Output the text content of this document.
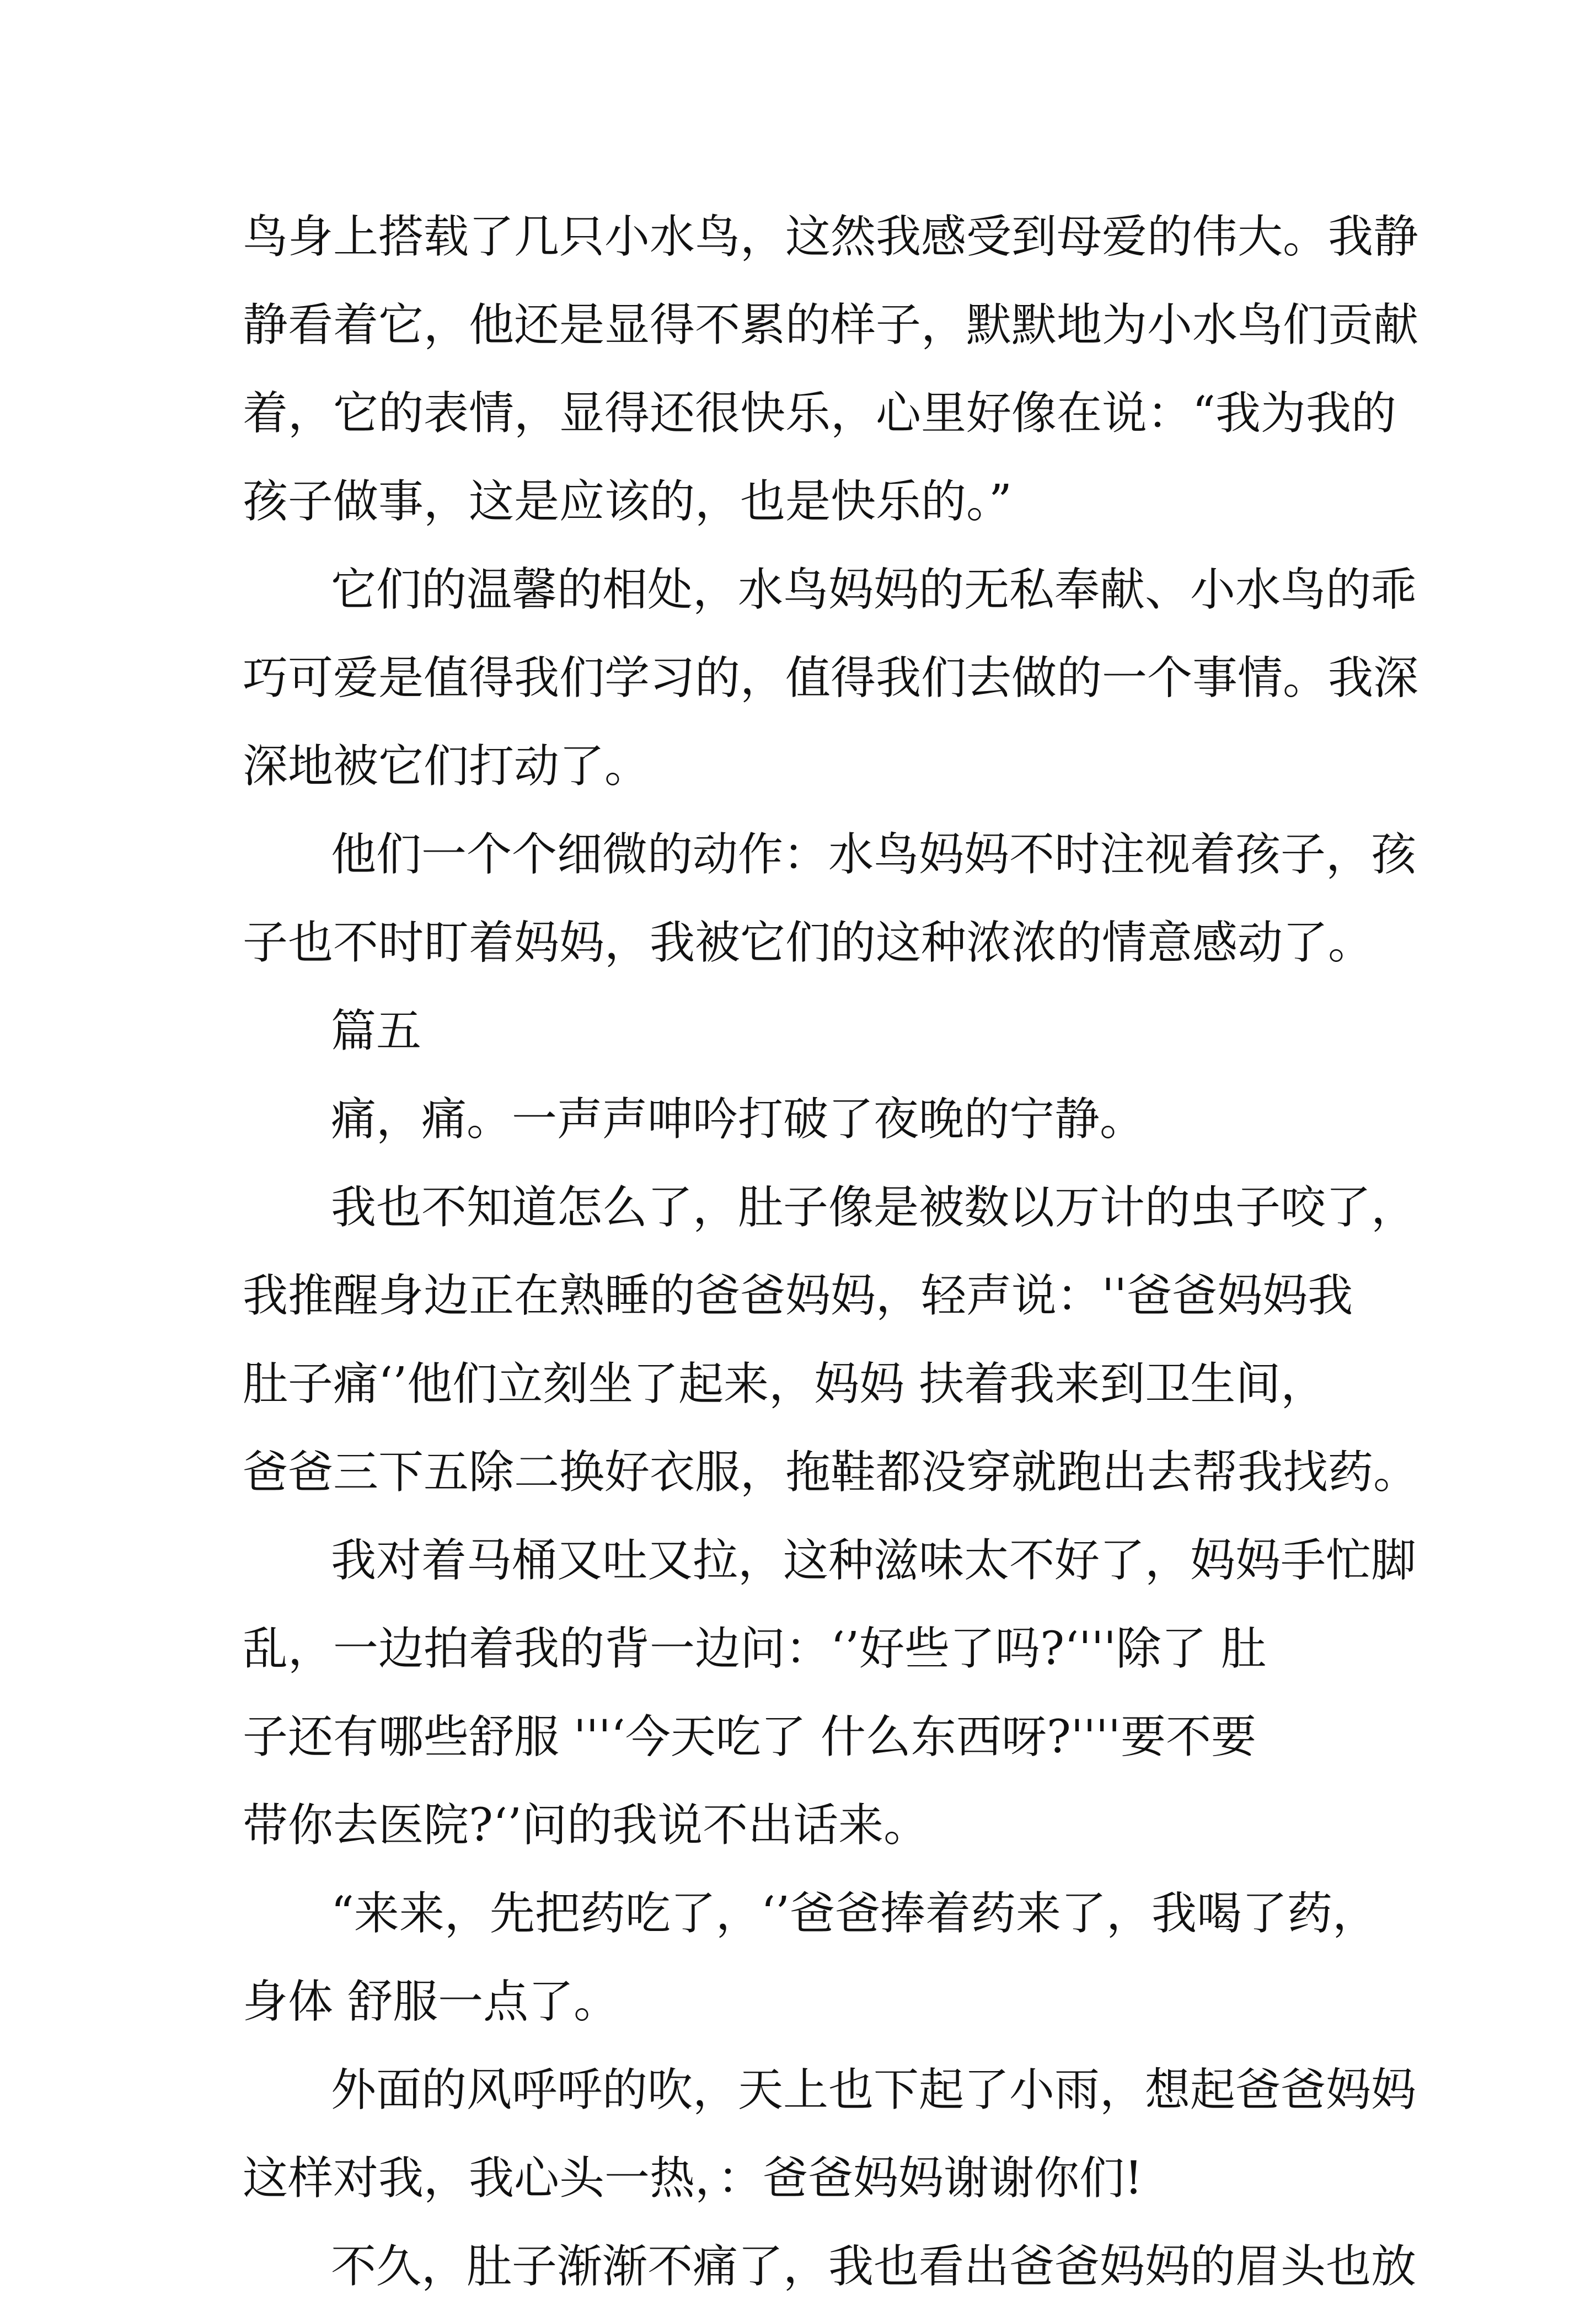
鸟身上搭载了几只小水鸟，这然我感受到母爱的伟大。我静
静看着它，他还是显得不累的样子，默默地为小水鸟们贡献
着，它的表情，显得还很快乐，心里好像在说：“我为我的
孩子做事，这是应该的，也是快乐的。”
它们的温馨的相处，水鸟妈妈的无私奉献、小水鸟的乖
巧可爱是值得我们学习的，值得我们去做的一个事情。我深
深地被它们打动了。
他们一个个细微的动作：水鸟妈妈不时注视着孩子，孩
子也不时盯着妈妈，我被它们的这种浓浓的情意感动了。
篇五
痛，痛。一声声呻吟打破了夜晚的宁静。
我也不知道怎么了，肚子像是被数以万计的虫子咬了，
我推醒身边正在熟睡的爸爸妈妈，轻声说：''爸爸妈妈我
肚子痛‘’他们立刻坐了起来，妈妈 扶着我来到卫生间，
爸爸三下五除二换好衣服，拖鞋都没穿就跑出去帮我找药。
我对着马桶又吐又拉，这种滋味太不好了，妈妈手忙脚
乱，一边拍着我的背一边问：‘’好些了吗?‘'''除了 肚
子还有哪些舒服 '''‘今天吃了 什么东西呀?''''要不要
带你去医院?‘’问的我说不出话来。
“来来，先把药吃了，‘’爸爸捧着药来了，我喝了药，
身体 舒服一点了。
外面的风呼呼的吹，天上也下起了小雨，想起爸爸妈妈
这样对我，我心头一热，：爸爸妈妈谢谢你们!
不久，肚子渐渐不痛了，我也看出爸爸妈妈的眉头也放
